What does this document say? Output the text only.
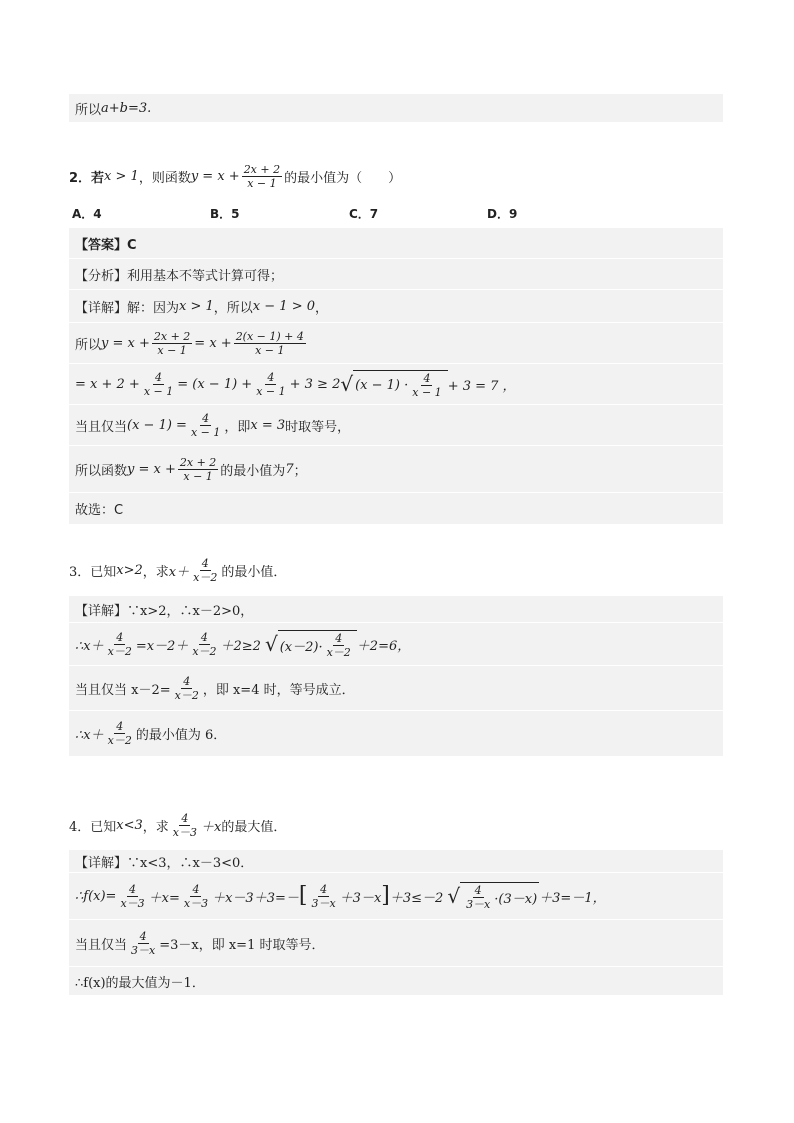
所以 a+b=3.
2．若 x > 1 ，则函数 $y = x + \frac{2x + 2}{x - 1}$ 的最小值为（　　）
A．4	B．5	C．7	D．9
【答案】C
【分析】利用基本不等式计算可得；
【详解】解：因为 x > 1 ，所以 x − 1 > 0 ，
所以 $y = x + \frac{2x + 2}{x - 1} = x + \frac{2(x - 1) + 4}{x - 1}$
= $x + 2 + \frac{4}{x - 1} = (x - 1) + \frac{4}{x - 1} + 3 \ge 2$ √ $(x - 1) \cdot \frac{4}{x - 1} + 3 = 7$ ，
当且仅当 $(x - 1) = \frac{4}{x - 1}$ ，即 x = 3 时取等号，
所以函数 $y = x + \frac{2x + 2}{x - 1}$ 的最小值为 7 ；
故选：C
3．已知 x>2 ，求 $x+ \frac{4}{x-2}$ 的最小值．
【详解】∵x>2，∴x－2>0，
∴x＋ $\frac{4}{x-2} =x-2+ \frac{4}{x-2} +2\ge 2$ √ $(x-2)\cdot \frac{4}{x-2} +2=6$，
当且仅当 $x-2= \frac{4}{x-2}$ ，即 x=4 时，等号成立．
∴x＋ $\frac{4}{x-2}$ 的最小值为 6．
4．已知 x<3 ，求 $\frac{4}{x-3} +x$ 的最大值．
【详解】∵x<3，∴x－3<0．
∴f(x)= $\frac{4}{x-3} +x= \frac{4}{x-3} +x-3+3=-$ [ $\frac{4}{3-x} +3-x$ ] ＋3≤－2 √ $\frac{4}{3-x} \cdot(3-x) +3=-1$，
当且仅当 $\frac{4}{3-x} =3-x$，即 x=1 时取等号．
∴f(x)的最大值为－1．
